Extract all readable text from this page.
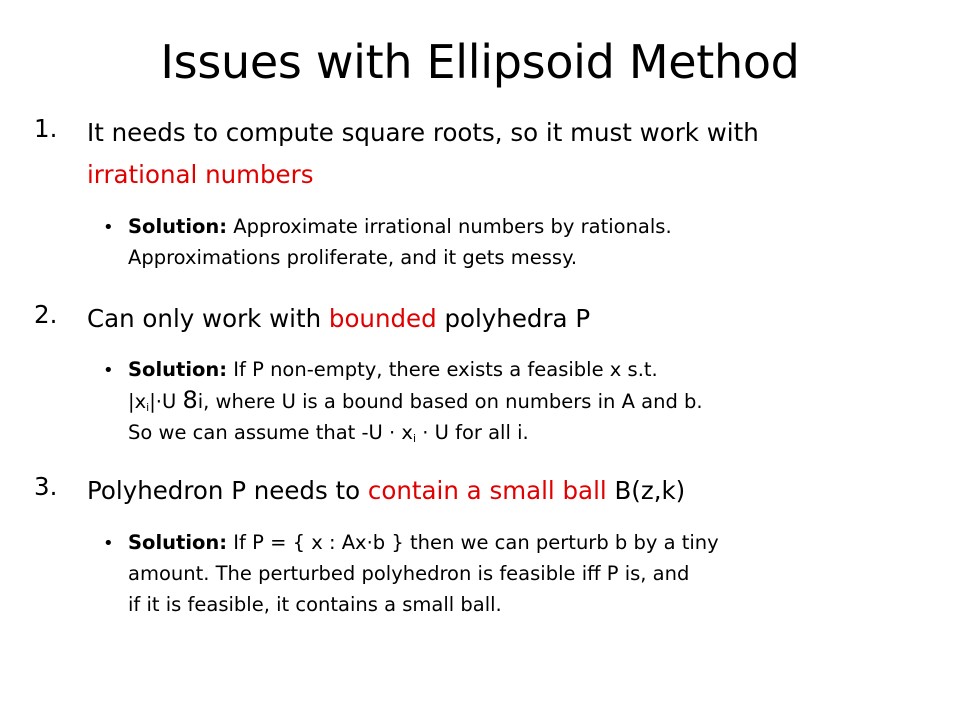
Issues with Ellipsoid Method
1. It needs to compute square roots, so it must work with
irrational numbers
• Solution: Approximate irrational numbers by rationals.
Approximations proliferate, and it gets messy.
2. Can only work with bounded polyhedra P
• Solution: If P non-empty, there exists a feasible x s.t.
$|x_i|\cdot U$ 8i, where U is a bound based on numbers in A and b.
So we can assume that $-U \cdot x_i \cdot U$ for all i.
3. Polyhedron P needs to contain a small ball B(z,k)
• Solution: If P = { x : Ax·b } then we can perturb b by a tiny
amount. The perturbed polyhedron is feasible iff P is, and
if it is feasible, it contains a small ball.
